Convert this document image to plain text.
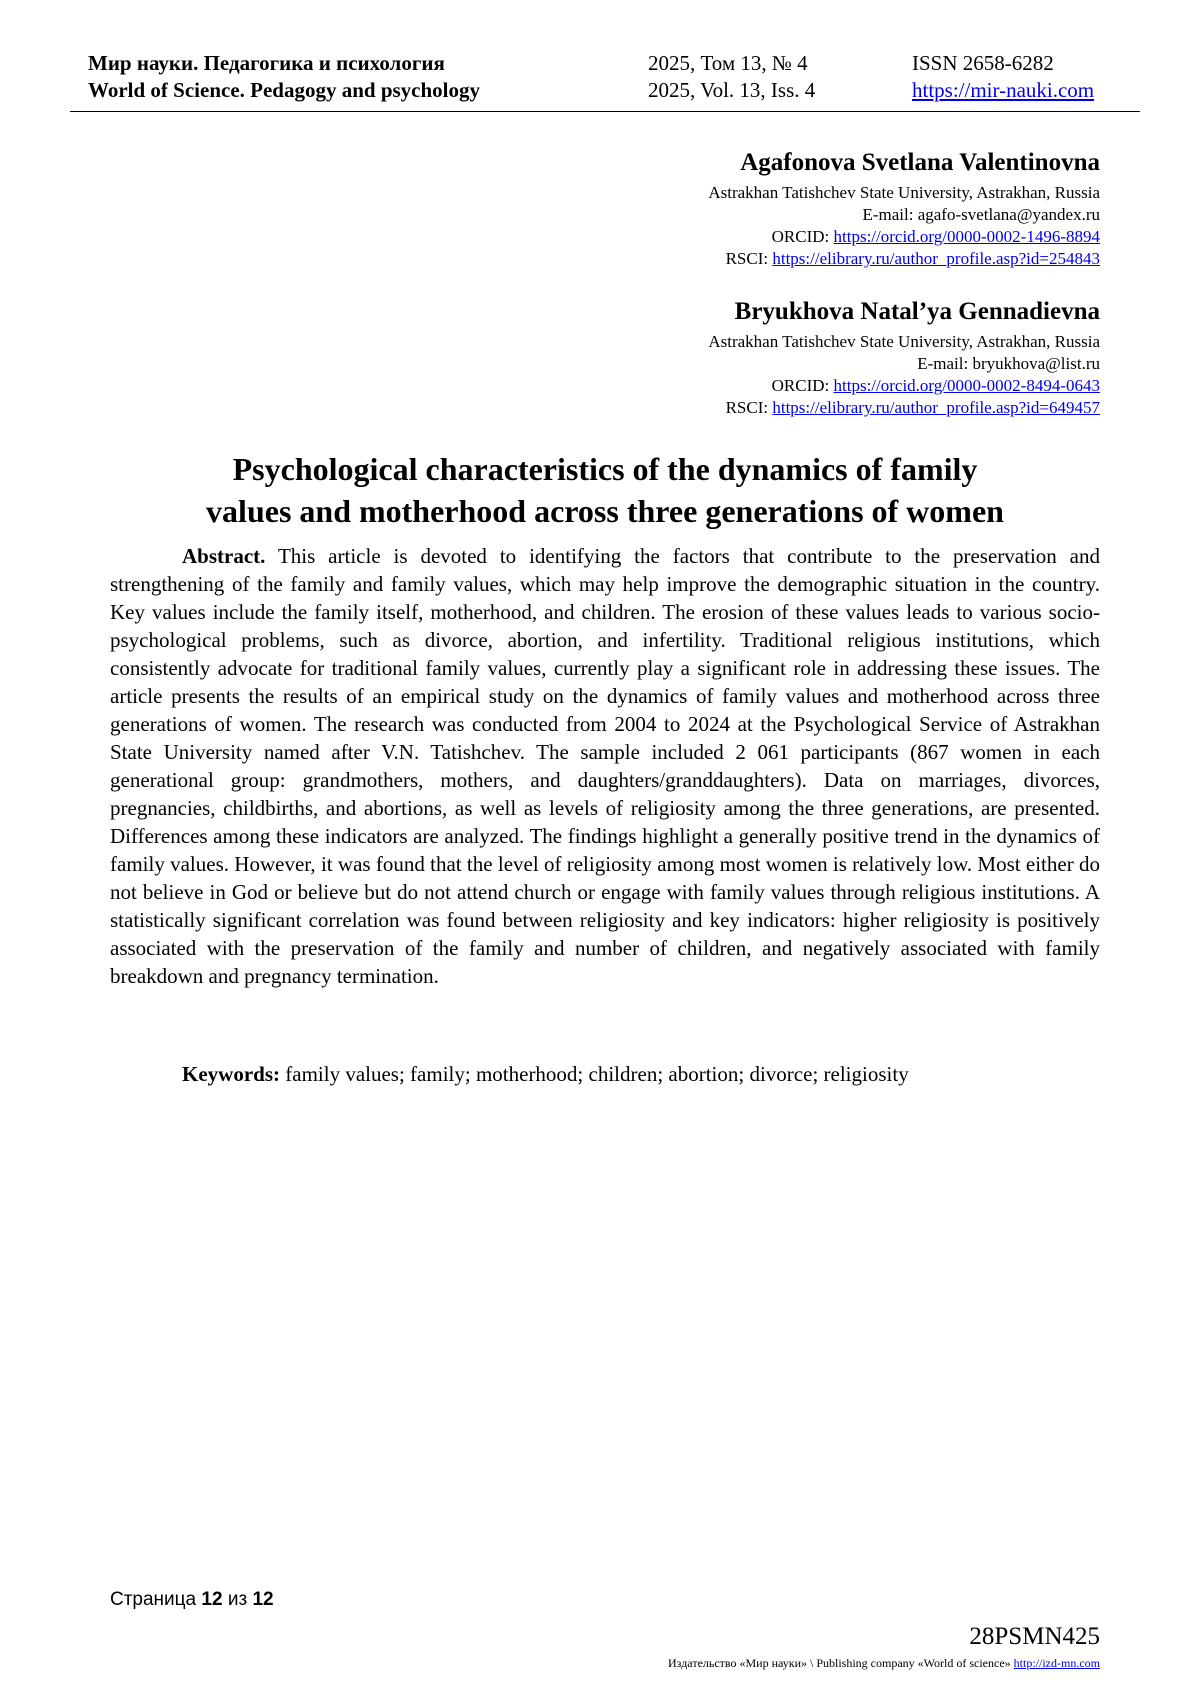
Мир науки. Педагогика и психология
World of Science. Pedagogy and psychology
2025, Том 13, № 4
2025, Vol. 13, Iss. 4
ISSN 2658-6282
https://mir-nauki.com
Agafonova Svetlana Valentinovna
Astrakhan Tatishchev State University, Astrakhan, Russia
E-mail: agafo-svetlana@yandex.ru
ORCID: https://orcid.org/0000-0002-1496-8894
RSCI: https://elibrary.ru/author_profile.asp?id=254843
Bryukhova Natal’ya Gennadievna
Astrakhan Tatishchev State University, Astrakhan, Russia
E-mail: bryukhova@list.ru
ORCID: https://orcid.org/0000-0002-8494-0643
RSCI: https://elibrary.ru/author_profile.asp?id=649457
Psychological characteristics of the dynamics of family
values and motherhood across three generations of women
Abstract. This article is devoted to identifying the factors that contribute to the preservation and strengthening of the family and family values, which may help improve the demographic situation in the country. Key values include the family itself, motherhood, and children. The erosion of these values leads to various socio-psychological problems, such as divorce, abortion, and infertility. Traditional religious institutions, which consistently advocate for traditional family values, currently play a significant role in addressing these issues. The article presents the results of an empirical study on the dynamics of family values and motherhood across three generations of women. The research was conducted from 2004 to 2024 at the Psychological Service of Astrakhan State University named after V.N. Tatishchev. The sample included 2 061 participants (867 women in each generational group: grandmothers, mothers, and daughters/granddaughters). Data on marriages, divorces, pregnancies, childbirths, and abortions, as well as levels of religiosity among the three generations, are presented. Differences among these indicators are analyzed. The findings highlight a generally positive trend in the dynamics of family values. However, it was found that the level of religiosity among most women is relatively low. Most either do not believe in God or believe but do not attend church or engage with family values through religious institutions. A statistically significant correlation was found between religiosity and key indicators: higher religiosity is positively associated with the preservation of the family and number of children, and negatively associated with family breakdown and pregnancy termination.
Keywords: family values; family; motherhood; children; abortion; divorce; religiosity
Страница 12 из 12
28PSMN425
Издательство «Мир науки» \ Publishing company «World of science» http://izd-mn.com
